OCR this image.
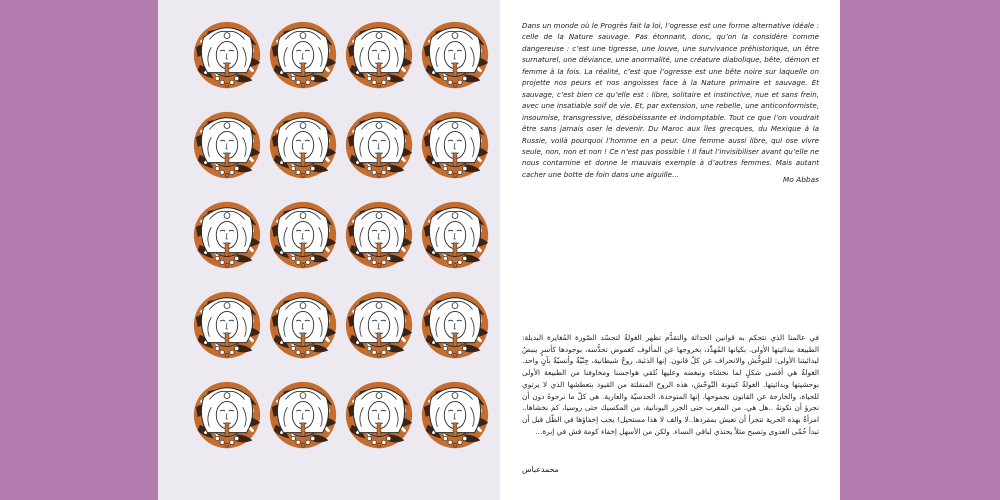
Dans un monde où le Progrès fait la loi, l’ogresse est une forme alternative idéale : celle de la Nature sauvage. Pas étonnant, donc, qu’on la considère comme dangereuse : c’est une tigresse, une louve, une survivance préhistorique, un être surnaturel, une déviance, une anormalité, une créature diabolique, bête, démon et femme à la fois. La réalité, c’est que l’ogresse est une bête noire sur laquelle on projette nos peurs et nos angoisses face à la Nature primaire et sauvage. Et sauvage, c’est bien ce qu’elle est : libre, solitaire et instinctive, nue et sans frein, avec une insatiable soif de vie. Et, par extension, une rebelle, une anticonformiste, insoumise, transgressive, désobéissante et indomptable. Tout ce que l’on voudrait être sans jamais oser le devenir. Du Maroc aux îles grecques, du Mexique à la Russie, voilà pourquoi l’homme en a peur. Une femme aussi libre, qui ose vivre seule, non, non et non ! Ce n’est pas possible ! Il faut l’invisibiliser avant qu’elle ne nous contamine et donne le mauvais exemple à d’autres femmes. Mais autant cacher une botte de foin dans une aiguille…

Mo Abbas

في عالمنا الذي تتحكم به قوانين الحداثة والتقدُّم تظهر الغولةُ لتجسّد الصّورة المُغايرة البديلة: الطبيعة ببدائيتها الأولى. بكيانها المُهدِّد، بخروجها عن المألوف كغموض تحدُّسه، بوجودها كأسرٍ ينبضُ لبدائيتنا الأولى: للتوحُّش والانحراف عن كلّ قانون. إنها الذئبة، روحٌ شيطانية، جِنّيّةٌ وأنسيّةٌ بآنٍ واحد. الغولةُ هي أقصى شكلٍ لما نخشاه ونبغضه وعليها نُلقي هواجسنا ومخاوفنا من الطبيعة الأولى بوحشيتها وبدائيتها. الغولةُ كينونة التّوحّش، هذه الروح المنفلتة من القيود بتعطشها الذي لا يرتوي للحياة، والخارجة عن القانون بجموحها. إنها المتوحدة، الحدسيّة والعارية. هي كلّ ما نرجوهُ دون أن نجرؤ أن نكونهُ ..هل هي. من المغرب حتى الجزر اليونانية، من المكسيك حتى روسيا، كم نخشاها.. امرأةٌ بهذه الحرية تتجرأ أن تعيش بمفردها..لا والف لا هذا مستحيل! يجب إخفاؤها في الظّل قبل أن تبدأ حُمّى العدوى وتصبح مثلاً يحتذي لباقي النساء. ولكن من الأسهل إخفاء كومة قش في إبرة…

محمدعباس
